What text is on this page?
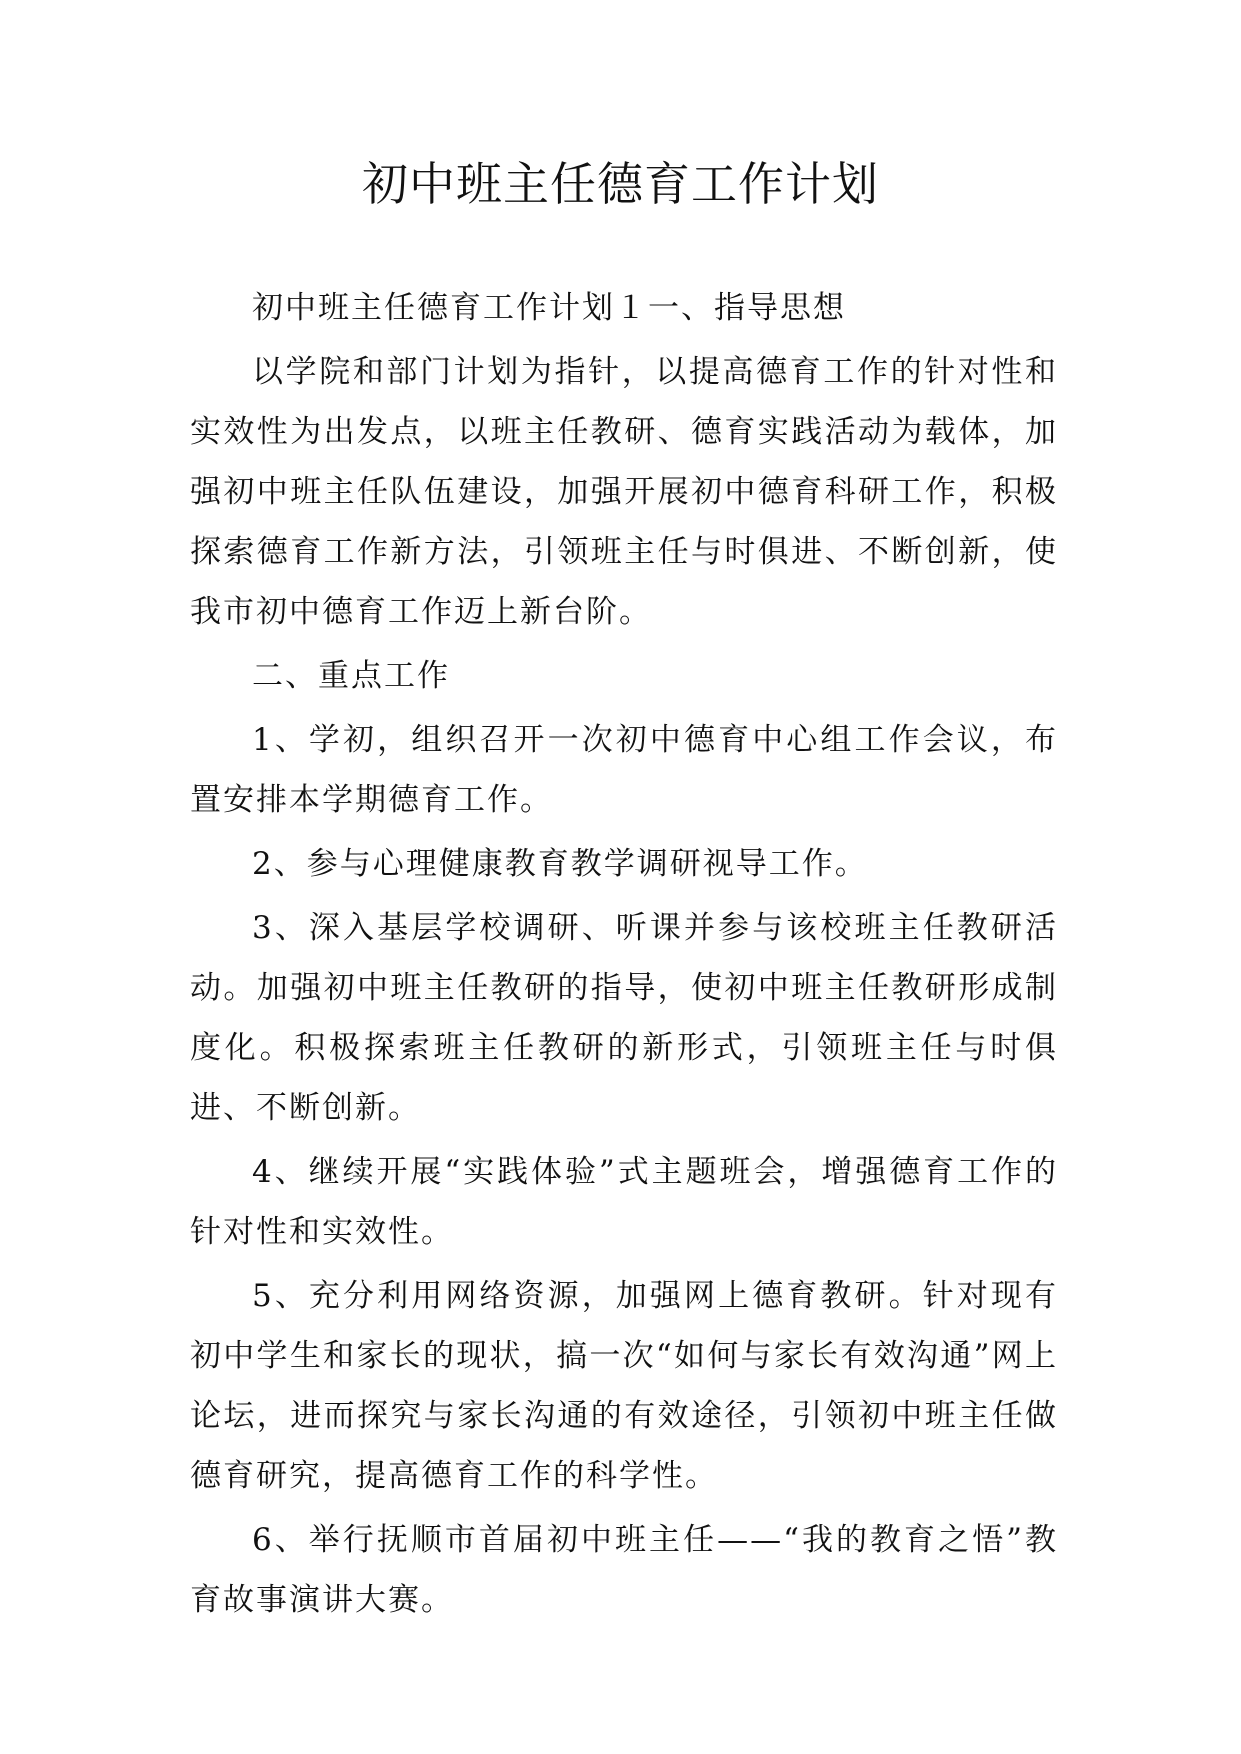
初中班主任德育工作计划

初中班主任德育工作计划１一、指导思想

以学院和部门计划为指针，以提高德育工作的针对性和实效性为出发点，以班主任教研、德育实践活动为载体，加强初中班主任队伍建设，加强开展初中德育科研工作，积极探索德育工作新方法，引领班主任与时俱进、不断创新，使我市初中德育工作迈上新台阶。

二、重点工作

1、学初，组织召开一次初中德育中心组工作会议，布置安排本学期德育工作。

2、参与心理健康教育教学调研视导工作。

3、深入基层学校调研、听课并参与该校班主任教研活动。加强初中班主任教研的指导，使初中班主任教研形成制度化。积极探索班主任教研的新形式，引领班主任与时俱进、不断创新。

4、继续开展“实践体验”式主题班会，增强德育工作的针对性和实效性。

5、充分利用网络资源，加强网上德育教研。针对现有初中学生和家长的现状，搞一次“如何与家长有效沟通”网上论坛，进而探究与家长沟通的有效途径，引领初中班主任做德育研究，提高德育工作的科学性。

6、举行抚顺市首届初中班主任——“我的教育之悟”教育故事演讲大赛。
